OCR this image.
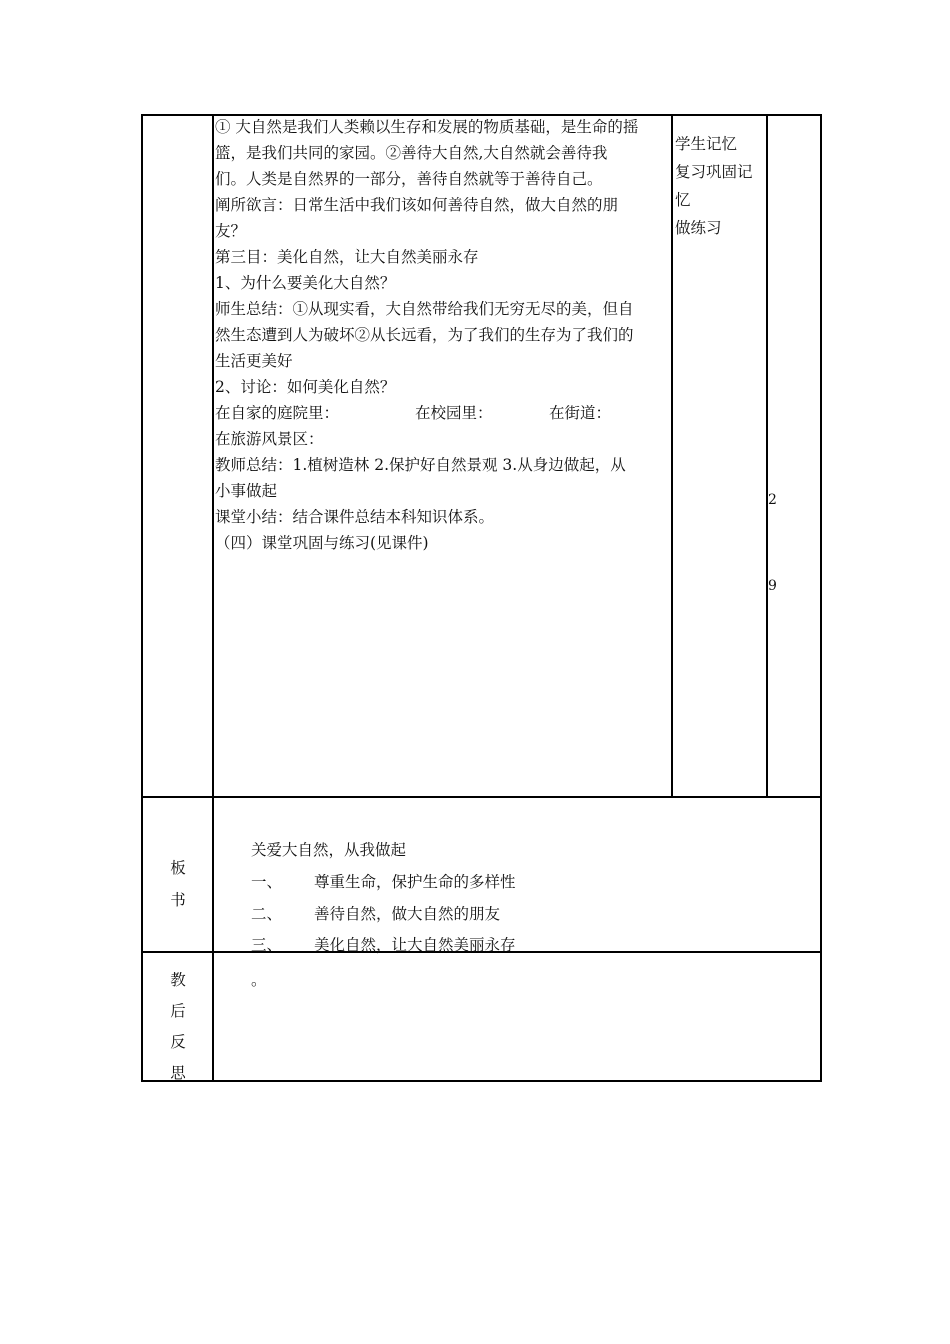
① 大自然是我们人类赖以生存和发展的物质基础，是生命的摇
篮，是我们共同的家园。②善待大自然,大自然就会善待我
们。人类是自然界的一部分，善待自然就等于善待自己。
阐所欲言：日常生活中我们该如何善待自然，做大自然的朋
友？
第三目：美化自然，让大自然美丽永存
1、为什么要美化大自然？
师生总结：①从现实看，大自然带给我们无穷无尽的美，但自
然生态遭到人为破坏②从长远看，为了我们的生存为了我们的
生活更美好
2、讨论：如何美化自然？
在自家的庭院里：	在校园里：	在街道：
在旅游风景区：
教师总结：1.植树造林 2.保护好自然景观 3.从身边做起，从
小事做起
课堂小结：结合课件总结本科知识体系。
（四）课堂巩固与练习(见课件)
学生记忆
复习巩固记
忆
做练习
2
9
板
书
关爱大自然，从我做起
一、 尊重生命，保护生命的多样性
二、 善待自然，做大自然的朋友
三、 美化自然，让大自然美丽永存
教
后
反
思
。
